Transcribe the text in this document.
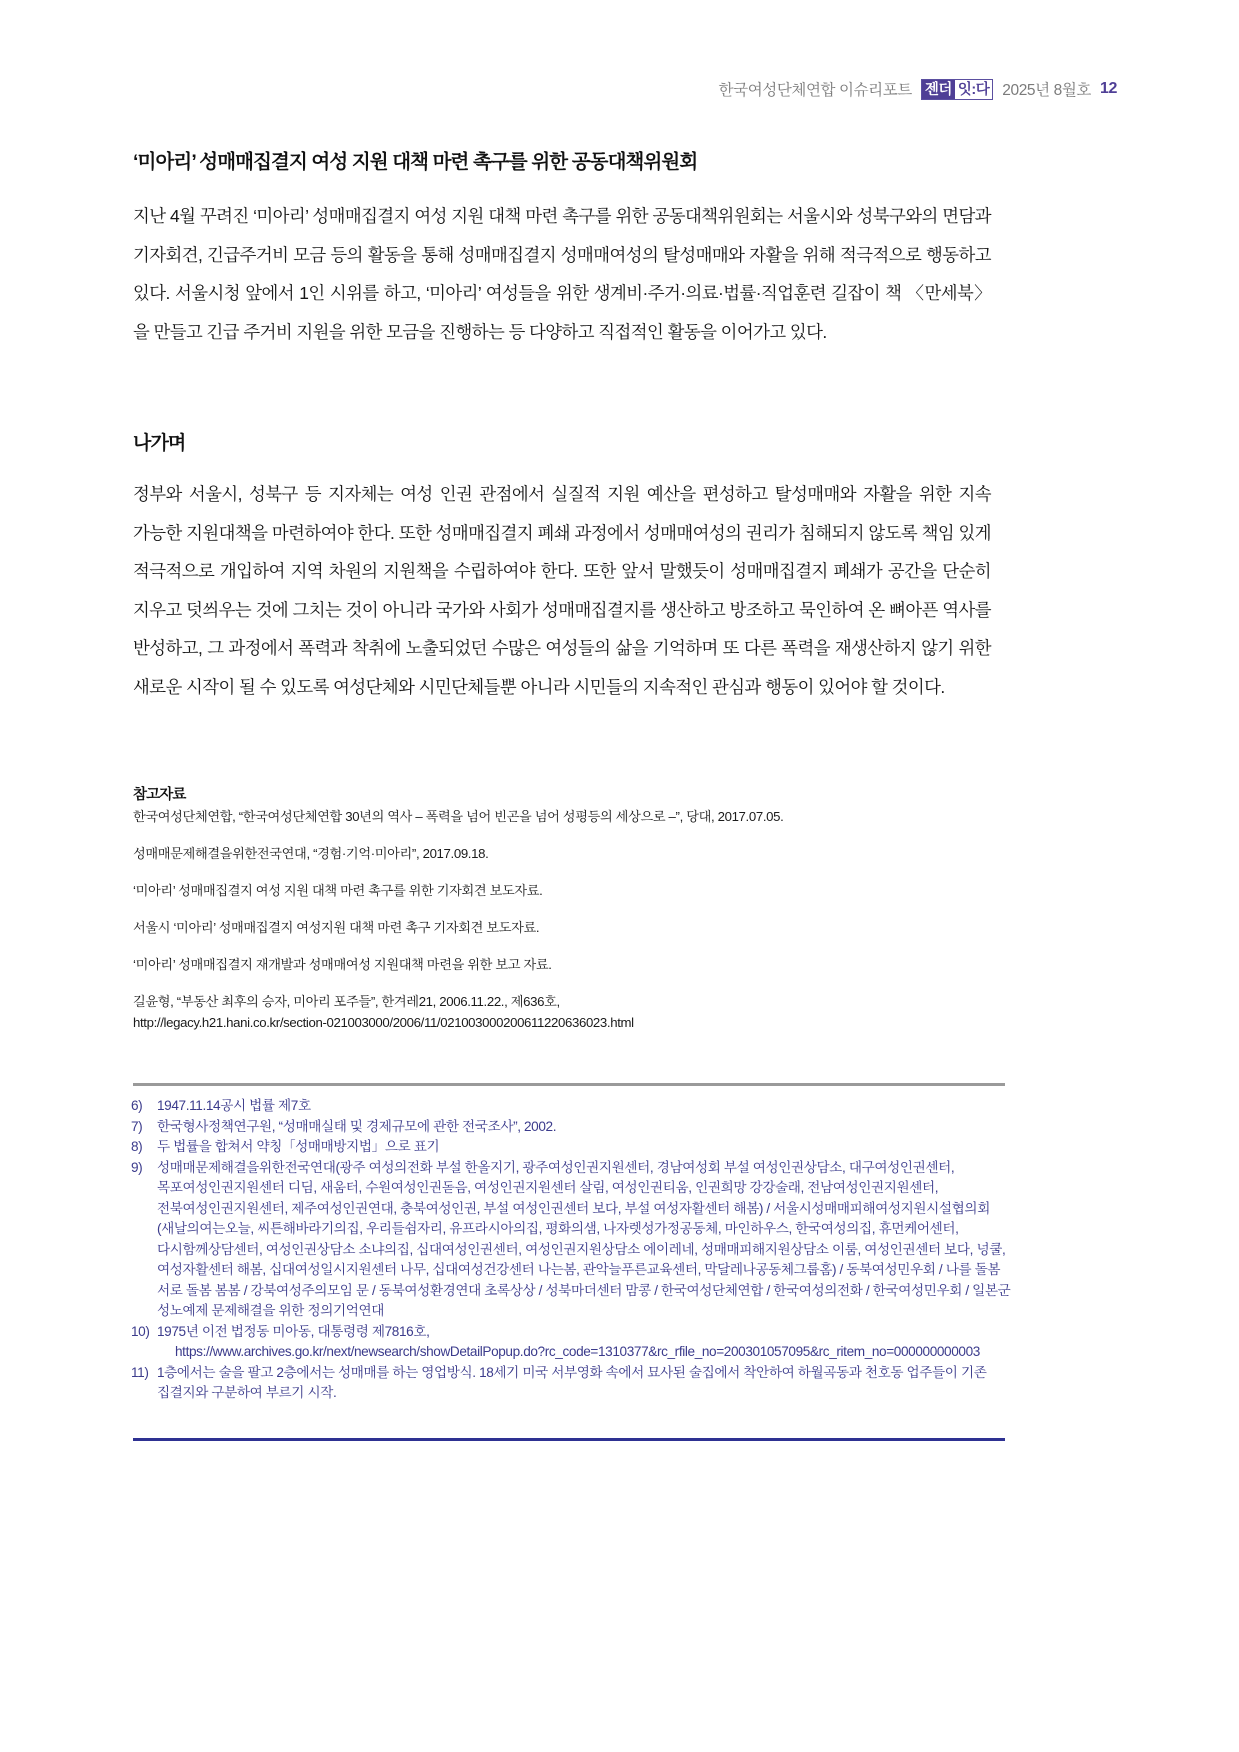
한국여성단체연합 이슈리포트 젠더 잇:다 2025년 8월호 12
‘미아리’ 성매매집결지 여성 지원 대책 마련 촉구를 위한 공동대책위원회

지난 4월 꾸려진 ‘미아리’ 성매매집결지 여성 지원 대책 마련 촉구를 위한 공동대책위원회는 서울시와 성북구와의 면담과 기자회견, 긴급주거비 모금 등의 활동을 통해 성매매집결지 성매매여성의 탈성매매와 자활을 위해 적극적으로 행동하고 있다. 서울시청 앞에서 1인 시위를 하고, ‘미아리’ 여성들을 위한 생계비·주거·의료·법률·직업훈련 길잡이 책 〈만세북〉을 만들고 긴급 주거비 지원을 위한 모금을 진행하는 등 다양하고 직접적인 활동을 이어가고 있다.

나가며

정부와 서울시, 성북구 등 지자체는 여성 인권 관점에서 실질적 지원 예산을 편성하고 탈성매매와 자활을 위한 지속 가능한 지원대책을 마련하여야 한다. 또한 성매매집결지 폐쇄 과정에서 성매매여성의 권리가 침해되지 않도록 책임 있게 적극적으로 개입하여 지역 차원의 지원책을 수립하여야 한다. 또한 앞서 말했듯이 성매매집결지 폐쇄가 공간을 단순히 지우고 덧씌우는 것에 그치는 것이 아니라 국가와 사회가 성매매집결지를 생산하고 방조하고 묵인하여 온 뼈아픈 역사를 반성하고, 그 과정에서 폭력과 착취에 노출되었던 수많은 여성들의 삶을 기억하며 또 다른 폭력을 재생산하지 않기 위한 새로운 시작이 될 수 있도록 여성단체와 시민단체들뿐 아니라 시민들의 지속적인 관심과 행동이 있어야 할 것이다.

참고자료
한국여성단체연합, “한국여성단체연합 30년의 역사 – 폭력을 넘어 빈곤을 넘어 성평등의 세상으로 –”, 당대, 2017.07.05.
성매매문제해결을위한전국연대, “경험·기억·미아리”, 2017.09.18.
‘미아리’ 성매매집결지 여성 지원 대책 마련 촉구를 위한 기자회견 보도자료.
서울시 ‘미아리’ 성매매집결지 여성지원 대책 마련 촉구 기자회견 보도자료.
‘미아리’ 성매매집결지 재개발과 성매매여성 지원대책 마련을 위한 보고 자료.
길윤형, “부동산 최후의 승자, 미아리 포주들”, 한겨레21, 2006.11.22., 제636호,
http://legacy.h21.hani.co.kr/section-021003000/2006/11/021003000200611220636023.html
6)	1947.11.14공시 법률 제7호
7)	한국형사정책연구원, “성매매실태 및 경제규모에 관한 전국조사”, 2002.
8)	두 법률을 합쳐서 약칭「성매매방지법」으로 표기
9)	성매매문제해결을위한전국연대(광주 여성의전화 부설 한올지기, 광주여성인권지원센터, 경남여성회 부설 여성인권상담소, 대구여성인권센터, 목포여성인권지원센터 디딤, 새움터, 수원여성인권돋음, 여성인권지원센터 살림, 여성인권티움, 인권희망 강강술래, 전남여성인권지원센터, 전북여성인권지원센터, 제주여성인권연대, 충북여성인권, 부설 여성인권센터 보다, 부설 여성자활센터 해봄) / 서울시성매매피해여성지원시설협의회(새날의여는오늘, 씨튼해바라기의집, 우리들쉼자리, 유프라시아의집, 평화의샘, 나자렛성가정공동체, 마인하우스, 한국여성의집, 휴먼케어센터, 다시함께상담센터, 여성인권상담소 소냐의집, 십대여성인권센터, 여성인권지원상담소 에이레네, 성매매피해지원상담소 이룸, 여성인권센터 보다, 넝쿨, 여성자활센터 해봄, 십대여성일시지원센터 나무, 십대여성건강센터 나는봄, 관악늘푸른교육센터, 막달레나공동체그룹홈) / 동북여성민우회 / 나를 돌봄 서로 돌봄 봄봄 / 강북여성주의모임 문 / 동북여성환경연대 초록상상 / 성북마더센터 맘콩 / 한국여성단체연합 / 한국여성의전화 / 한국여성민우회 / 일본군 성노예제 문제해결을 위한 정의기억연대
10) 1975년 이전 법정동 미아동, 대통령령 제7816호,
https://www.archives.go.kr/next/newsearch/showDetailPopup.do?rc_code=1310377&rc_rfile_no=200301057095&rc_ritem_no=000000000003
11) 1층에서는 술을 팔고 2층에서는 성매매를 하는 영업방식. 18세기 미국 서부영화 속에서 묘사된 술집에서 착안하여 하월곡동과 천호동 업주들이 기존 집결지와 구분하여 부르기 시작.
